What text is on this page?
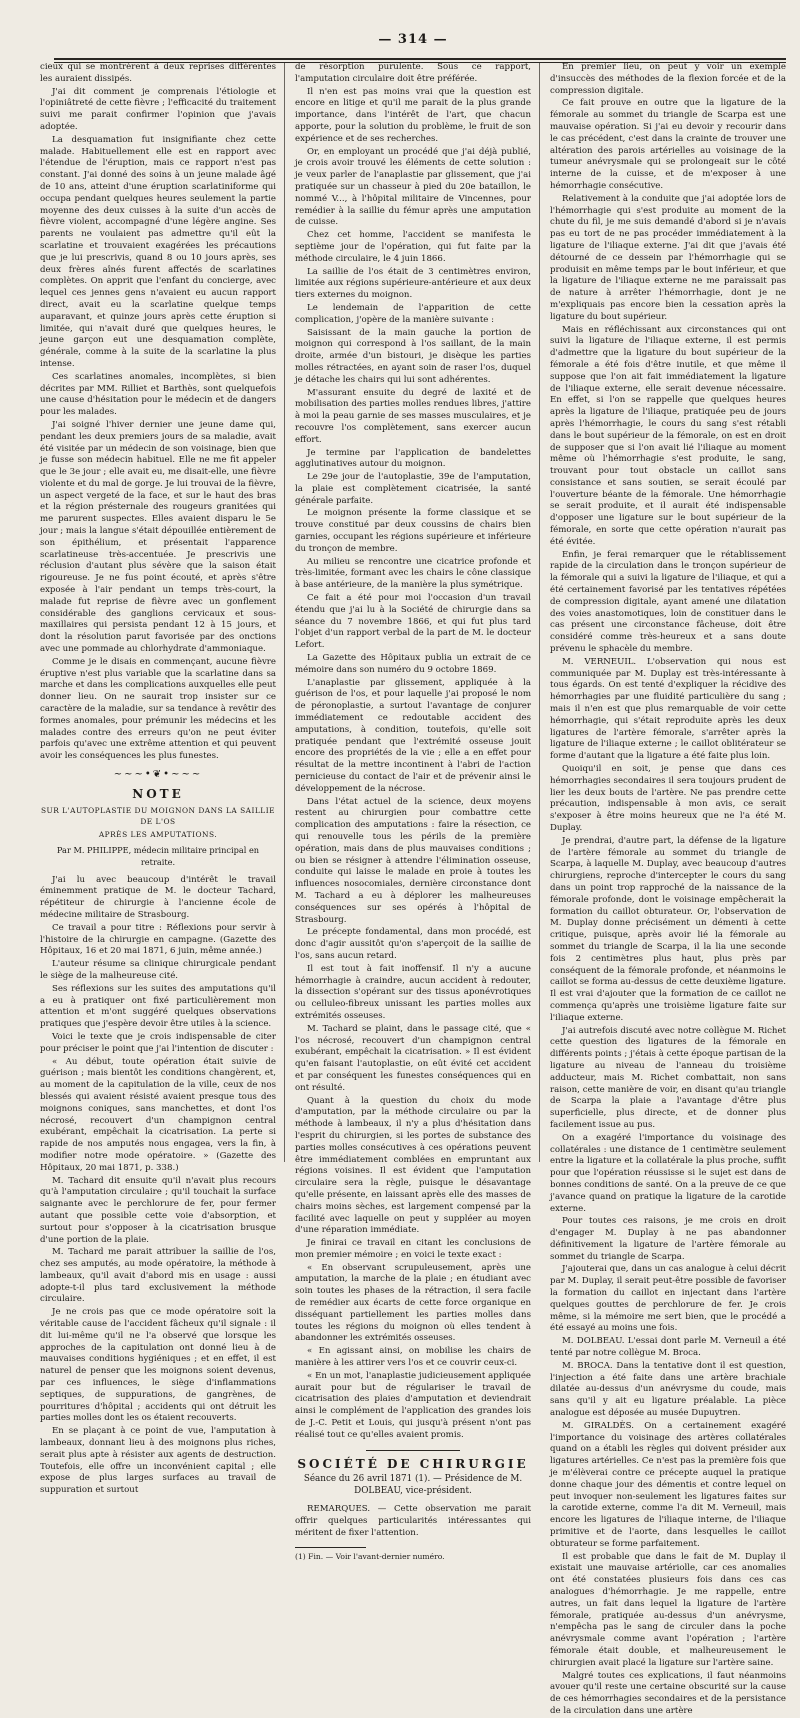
— 314 —

cieux qui se montrèrent à deux reprises différentes les auraient dissipés.

J'ai dit comment je comprenais l'étiologie et l'opiniâtreté de cette fièvre ; l'efficacité du traitement suivi me parait confirmer l'opinion que j'avais adoptée.

La desquamation fut insignifiante chez cette malade. Habituellement elle est en rapport avec l'étendue de l'éruption, mais ce rapport n'est pas constant. J'ai donné des soins à un jeune malade âgé de 10 ans, atteint d'une éruption scarlatiniforme qui occupa pendant quelques heures seulement la partie moyenne des deux cuisses à la suite d'un accès de fièvre violent, accompagné d'une légère angine. Ses parents ne voulaient pas admettre qu'il eût la scarlatine et trouvaient exagérées les précautions que je lui prescrivis, quand 8 ou 10 jours après, ses deux frères aînés furent affectés de scarlatines complètes. On apprit que l'enfant du concierge, avec lequel ces jennes gens n'avaient eu aucun rapport direct, avait eu la scarlatine quelque temps auparavant, et quinze jours après cette éruption si limitée, qui n'avait duré que quelques heures, le jeune garçon eut une desquamation complète, générale, comme à la suite de la scarlatine la plus intense.

Ces scarlatines anomales, incomplètes, si bien décrites par MM. Rilliet et Barthès, sont quelquefois une cause d'hésitation pour le médecin et de dangers pour les malades.

J'ai soigné l'hiver dernier une jeune dame qui, pendant les deux premiers jours de sa maladie, avait été visitée par un médecin de son voisinage, bien que je fusse son médecin habituel. Elle ne me fit appeler que le 3e jour ; elle avait eu, me disait-elle, une fièvre violente et du mal de gorge. Je lui trouvai de la fièvre, un aspect vergeté de la face, et sur le haut des bras et la région présternale des rougeurs granitées qui me parurent suspectes. Elles avaient disparu le 5e jour ; mais la langue s'était dépouillée entièrement de son épithélium, et présentait l'apparence scarlatineuse très-accentuée. Je prescrivis une réclusion d'autant plus sévère que la saison était rigoureuse. Je ne fus point écouté, et après s'être exposée à l'air pendant un temps très-court, la malade fut reprise de fièvre avec un gonflement considérable des ganglions cervicaux et sous-maxillaires qui persista pendant 12 à 15 jours, et dont la résolution parut favorisée par des onctions avec une pommade au chlorhydrate d'ammoniaque.

Comme je le disais en commençant, aucune fièvre éruptive n'est plus variable que la scarlatine dans sa marche et dans les complications auxquelles elle peut donner lieu. On ne saurait trop insister sur ce caractère de la maladie, sur sa tendance à revêtir des formes anomales, pour prémunir les médecins et les malades contre des erreurs qu'on ne peut éviter parfois qu'avec une extrême attention et qui peuvent avoir les conséquences les plus funestes.

~~~•❦•~~~
NOTE
SUR L'AUTOPLASTIE DU MOIGNON DANS LA SAILLIE DE L'OS
APRÈS LES AMPUTATIONS.
Par M. PHILIPPE, médecin militaire principal en retraite.

J'ai lu avec beaucoup d'intérêt le travail éminemment pratique de M. le docteur Tachard, répétiteur de chirurgie à l'ancienne école de médecine militaire de Strasbourg.

Ce travail a pour titre : Réflexions pour servir à l'histoire de la chirurgie en campagne. (Gazette des Hôpitaux, 16 et 20 mai 1871, 6 juin, même année.)

L'auteur résume sa clinique chirurgicale pendant le siège de la malheureuse cité.

Ses réflexions sur les suites des amputations qu'il a eu à pratiquer ont fixé particulièrement mon attention et m'ont suggéré quelques observations pratiques que j'espère devoir être utiles à la science.

Voici le texte que je crois indispensable de citer pour préciser le point que j'ai l'intention de discuter :

« Au début, toute opération était suivie de guérison ; mais bientôt les conditions changèrent, et, au moment de la capitulation de la ville, ceux de nos blessés qui avaient résisté avaient presque tous des moignons coniques, sans manchettes, et dont l'os nécrosé, recouvert d'un champignon central exubérant, empêchait la cicatrisation. La perte si rapide de nos amputés nous engagea, vers la fin, à modifier notre mode opératoire. » (Gazette des Hôpitaux, 20 mai 1871, p. 338.)

M. Tachard dit ensuite qu'il n'avait plus recours qu'à l'amputation circulaire ; qu'il touchait la surface saignante avec le perchlorure de fer, pour fermer autant que possible cette voie d'absorption, et surtout pour s'opposer à la cicatrisation brusque d'une portion de la plaie.

M. Tachard me parait attribuer la saillie de l'os, chez ses amputés, au mode opératoire, la méthode à lambeaux, qu'il avait d'abord mis en usage : aussi adopte-t-il plus tard exclusivement la méthode circulaire.

Je ne crois pas que ce mode opératoire soit la véritable cause de l'accident fâcheux qu'il signale : il dit lui-même qu'il ne l'a observé que lorsque les approches de la capitulation ont donné lieu à de mauvaises conditions hygiéniques ; et en effet, il est naturel de penser que les moignons soient devenus, par ces influences, le siège d'inflammations septiques, de suppurations, de gangrènes, de pourritures d'hôpital ; accidents qui ont détruit les parties molles dont les os étaient recouverts.

En se plaçant à ce point de vue, l'amputation à lambeaux, donnant lieu à des moignons plus riches, serait plus apte à résister aux agents de destruction. Toutefois, elle offre un inconvénient capital ; elle expose de plus larges surfaces au travail de suppuration et surtout

de résorption purulente. Sous ce rapport, l'amputation circulaire doit être préférée.

Il n'en est pas moins vrai que la question est encore en litige et qu'il me parait de la plus grande importance, dans l'intérêt de l'art, que chacun apporte, pour la solution du problème, le fruit de son expérience et de ses recherches.

Or, en employant un procédé que j'ai déjà publié, je crois avoir trouvé les éléments de cette solution : je veux parler de l'anaplastie par glissement, que j'ai pratiquée sur un chasseur à pied du 20e bataillon, le nommé V..., à l'hôpital militaire de Vincennes, pour remédier à la saillie du fémur après une amputation de cuisse.

Chez cet homme, l'accident se manifesta le septième jour de l'opération, qui fut faite par la méthode circulaire, le 4 juin 1866.

La saillie de l'os était de 3 centimètres environ, limitée aux régions supérieure-antérieure et aux deux tiers externes du moignon.

Le lendemain de l'apparition de cette complication, j'opère de la manière suivante :

Saisissant de la main gauche la portion de moignon qui correspond à l'os saillant, de la main droite, armée d'un bistouri, je disèque les parties molles rétractées, en ayant soin de raser l'os, duquel je détache les chairs qui lui sont adhérentes.

M'assurant ensuite du degré de laxité et de mobilisation des parties molles rendues libres, j'attire à moi la peau garnie de ses masses musculaires, et je recouvre l'os complètement, sans exercer aucun effort.

Je termine par l'application de bandelettes agglutinatives autour du moignon.

Le 29e jour de l'autoplastie, 39e de l'amputation, la plaie est complètement cicatrisée, la santé générale parfaite.

Le moignon présente la forme classique et se trouve constitué par deux coussins de chairs bien garnies, occupant les régions supérieure et inférieure du tronçon de membre.

Au milieu se rencontre une cicatrice profonde et très-limitée, formant avec les chairs le cône classique à base antérieure, de la manière la plus symétrique.

Ce fait a été pour moi l'occasion d'un travail étendu que j'ai lu à la Société de chirurgie dans sa séance du 7 novembre 1866, et qui fut plus tard l'objet d'un rapport verbal de la part de M. le docteur Lefort.

La Gazette des Hôpitaux publia un extrait de ce mémoire dans son numéro du 9 octobre 1869.

L'anaplastie par glissement, appliquée à la guérison de l'os, et pour laquelle j'ai proposé le nom de péronoplastie, a surtout l'avantage de conjurer immédiatement ce redoutable accident des amputations, à condition, toutefois, qu'elle soit pratiquée pendant que l'extrémité osseuse jouit encore des propriétés de la vie ; elle a en effet pour résultat de la mettre incontinent à l'abri de l'action pernicieuse du contact de l'air et de prévenir ainsi le développement de la nécrose.

Dans l'état actuel de la science, deux moyens restent au chirurgien pour combattre cette complication des amputations : faire la résection, ce qui renouvelle tous les périls de la première opération, mais dans de plus mauvaises conditions ; ou bien se résigner à attendre l'élimination osseuse, conduite qui laisse le malade en proie à toutes les influences nosocomiales, dernière circonstance dont M. Tachard a eu à déplorer les malheureuses conséquences sur ses opérés à l'hôpital de Strasbourg.

Le précepte fondamental, dans mon procédé, est donc d'agir aussitôt qu'on s'aperçoit de la saillie de l'os, sans aucun retard.

Il est tout à fait inoffensif. Il n'y a aucune hémorrhagie à craindre, aucun accident à redouter, la dissection s'opérant sur des tissus aponévrotiques ou celluleo-fibreux unissant les parties molles aux extrémités osseuses.

M. Tachard se plaint, dans le passage cité, que « l'os nécrosé, recouvert d'un champignon central exubérant, empêchait la cicatrisation. » Il est évident qu'en faisant l'autoplastie, on eût évité cet accident et par conséquent les funestes conséquences qui en ont résulté.

Quant à la question du choix du mode d'amputation, par la méthode circulaire ou par la méthode à lambeaux, il n'y a plus d'hésitation dans l'esprit du chirurgien, si les portes de substance des parties molles consécutives à ces opérations peuvent être immédiatement comblées en empruntant aux régions voisines. Il est évident que l'amputation circulaire sera la règle, puisque le désavantage qu'elle présente, en laissant après elle des masses de chairs moins sèches, est largement compensé par la facilité avec laquelle on peut y suppléer au moyen d'une réparation immédiate.

Je finirai ce travail en citant les conclusions de mon premier mémoire ; en voici le texte exact :

« En observant scrupuleusement, après une amputation, la marche de la plaie ; en étudiant avec soin toutes les phases de la rétraction, il sera facile de remédier aux écarts de cette force organique en disséquant partiellement les parties molles dans toutes les régions du moignon où elles tendent à abandonner les extrémités osseuses.

« En agissant ainsi, on mobilise les chairs de manière à les attirer vers l'os et ce couvrir ceux-ci.

« En un mot, l'anaplastie judicieusement appliquée aurait pour but de régulariser le travail de cicatrisation des plaies d'amputation et deviendrait ainsi le complément de l'application des grandes lois de J.-C. Petit et Louis, qui jusqu'à présent n'ont pas réalisé tout ce qu'elles avaient promis.

SOCIÉTÉ DE CHIRURGIE
Séance du 26 avril 1871 (1). — Présidence de M. DOLBEAU, vice-président.

REMARQUES. — Cette observation me parait offrir quelques particularités intéressantes qui méritent de fixer l'attention.

(1) Fin. — Voir l'avant-dernier numéro.

En premier lieu, on peut y voir un exemple d'insuccès des méthodes de la flexion forcée et de la compression digitale.

Ce fait prouve en outre que la ligature de la fémorale au sommet du triangle de Scarpa est une mauvaise opération. Si j'ai eu devoir y recourir dans le cas précédent, c'est dans la crainte de trouver une altération des parois artérielles au voisinage de la tumeur anévrysmale qui se prolongeait sur le côté interne de la cuisse, et de m'exposer à une hémorrhagie consécutive.

Relativement à la conduite que j'ai adoptée lors de l'hémorrhagie qui s'est produite au moment de la chute du fil, je me suis demandé d'abord si je n'avais pas eu tort de ne pas procéder immédiatement à la ligature de l'iliaque externe. J'ai dit que j'avais été détourné de ce dessein par l'hémorrhagie qui se produisit en même temps par le bout inférieur, et que la ligature de l'iliaque externe ne me paraissait pas de nature à arrêter l'hémorrhagie, dont je ne m'expliquais pas encore bien la cessation après la ligature du bout supérieur.

Mais en réfléchissant aux circonstances qui ont suivi la ligature de l'iliaque externe, il est permis d'admettre que la ligature du bout supérieur de la fémorale a été fois d'être inutile, et que même il suppose que l'on ait fait immédiatement la ligature de l'iliaque externe, elle serait devenue nécessaire. En effet, si l'on se rappelle que quelques heures après la ligature de l'iliaque, pratiquée peu de jours après l'hémorrhagie, le cours du sang s'est rétabli dans le bout supérieur de la fémorale, on est en droit de supposer que si l'on avait lié l'iliaque au moment même où l'hémorrhagie s'est produite, le sang, trouvant pour tout obstacle un caillot sans consistance et sans soutien, se serait écoulé par l'ouverture béante de la fémorale. Une hémorrhagie se serait produite, et il aurait été indispensable d'opposer une ligature sur le bout supérieur de la fémorale, en sorte que cette opération n'aurait pas été évitée.

Enfin, je ferai remarquer que le rétablissement rapide de la circulation dans le tronçon supérieur de la fémorale qui a suivi la ligature de l'iliaque, et qui a été certainement favorisé par les tentatives répétées de compression digitale, ayant amené une dilatation des voies anastomotiques, loin de constituer dans le cas présent une circonstance fâcheuse, doit être considéré comme très-heureux et a sans doute prévenu le sphacèle du membre.

M. VERNEUIL. L'observation qui nous est communiquée par M. Duplay est très-intéressante à tous égards. On est tenté d'expliquer la récidive des hémorrhagies par une fluidité particulière du sang ; mais il n'en est que plus remarquable de voir cette hémorrhagie, qui s'était reproduite après les deux ligatures de l'artère fémorale, s'arrêter après la ligature de l'iliaque externe ; le caillot oblitérateur se forme d'autant que la ligature a été faite plus loin.

Quoiqu'il en soit, je pense que dans ces hémorrhagies secondaires il sera toujours prudent de lier les deux bouts de l'artère. Ne pas prendre cette précaution, indispensable à mon avis, ce serait s'exposer à être moins heureux que ne l'a été M. Duplay.

Je prendrai, d'autre part, la défense de la ligature de l'artère fémorale au sommet du triangle de Scarpa, à laquelle M. Duplay, avec beaucoup d'autres chirurgiens, reproche d'intercepter le cours du sang dans un point trop rapproché de la naissance de la fémorale profonde, dont le voisinage empêcherait la formation du caillot obturateur. Or, l'observation de M. Duplay donne précisément un démenti à cette critique, puisque, après avoir lié la fémorale au sommet du triangle de Scarpa, il la lia une seconde fois 2 centimètres plus haut, plus près par conséquent de la fémorale profonde, et néanmoins le caillot se forma au-dessus de cette deuxième ligature. Il est vrai d'ajouter que la formation de ce caillot ne commença qu'après une troisième ligature faite sur l'iliaque externe.

J'ai autrefois discuté avec notre collègue M. Richet cette question des ligatures de la fémorale en différents points ; j'étais à cette époque partisan de la ligature au niveau de l'anneau du troisième adducteur, mais M. Richet combattait, non sans raison, cette manière de voir, en disant qu'au triangle de Scarpa la plaie a l'avantage d'être plus superficielle, plus directe, et de donner plus facilement issue au pus.

On a exagéré l'importance du voisinage des collatérales : une distance de 1 centimètre seulement entre la ligature et la collatérale la plus proche, suffit pour que l'opération réussisse si le sujet est dans de bonnes conditions de santé. On a la preuve de ce que j'avance quand on pratique la ligature de la carotide externe.

Pour toutes ces raisons, je me crois en droit d'engager M. Duplay à ne pas abandonner définitivement la ligature de l'artère fémorale au sommet du triangle de Scarpa.

J'ajouterai que, dans un cas analogue à celui décrit par M. Duplay, il serait peut-être possible de favoriser la formation du caillot en injectant dans l'artère quelques gouttes de perchlorure de fer. Je crois même, si la mémoire me sert bien, que le procédé a été essayé au moins une fois.

M. DOLBEAU. L'essai dont parle M. Verneuil a été tenté par notre collègue M. Broca.

M. BROCA. Dans la tentative dont il est question, l'injection a été faite dans une artère brachiale dilatée au-dessus d'un anévrysme du coude, mais sans qu'il y ait eu ligature préalable. La pièce analogue est déposée au musée Dupuytren.

M. GIRALDÈS. On a certainement exagéré l'importance du voisinage des artères collatérales quand on a établi les règles qui doivent présider aux ligatures artérielles. Ce n'est pas la première fois que je m'élèverai contre ce précepte auquel la pratique donne chaque jour des démentis et contre lequel on peut invoquer non-seulement les ligatures faites sur la carotide externe, comme l'a dit M. Verneuil, mais encore les ligatures de l'iliaque interne, de l'iliaque primitive et de l'aorte, dans lesquelles le caillot obturateur se forme parfaitement.

Il est probable que dans le fait de M. Duplay il existait une mauvaise artériolle, car ces anomalies ont été constatées plusieurs fois dans ces cas analogues d'hémorrhagie. Je me rappelle, entre autres, un fait dans lequel la ligature de l'artère fémorale, pratiquée au-dessus d'un anévrysme, n'empêcha pas le sang de circuler dans la poche anévrysmale comme avant l'opération ; l'artère fémorale était double, et malheureusement le chirurgien avait placé la ligature sur l'artère saine.

Malgré toutes ces explications, il faut néanmoins avouer qu'il reste une certaine obscurité sur la cause de ces hémorrhagies secondaires et de la persistance de la circulation dans une artère
